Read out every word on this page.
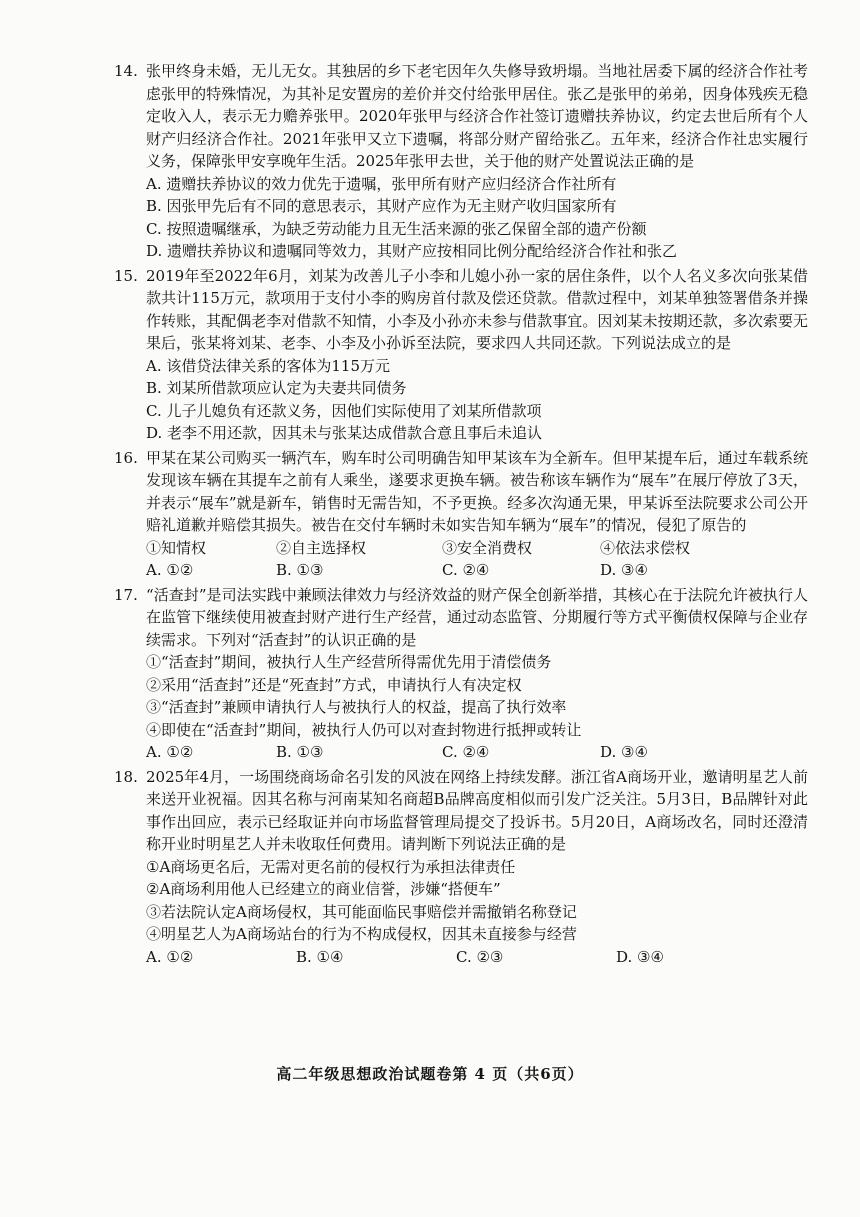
14. 张甲终身未婚，无儿无女。其独居的乡下老宅因年久失修导致坍塌。当地社居委下属的经济合作社考虑张甲的特殊情况，为其补足安置房的差价并交付给张甲居住。张乙是张甲的弟弟，因身体残疾无稳定收入人，表示无力赡养张甲。2020年张甲与经济合作社签订遗赠扶养协议，约定去世后所有个人财产归经济合作社。2021年张甲又立下遗嘱，将部分财产留给张乙。五年来，经济合作社忠实履行义务，保障张甲安享晚年生活。2025年张甲去世，关于他的财产处置说法正确的是
A. 遗赠扶养协议的效力优先于遗嘱，张甲所有财产应归经济合作社所有
B. 因张甲先后有不同的意思表示，其财产应作为无主财产收归国家所有
C. 按照遗嘱继承，为缺乏劳动能力且无生活来源的张乙保留全部的遗产份额
D. 遗赠扶养协议和遗嘱同等效力，其财产应按相同比例分配给经济合作社和张乙
15. 2019年至2022年6月，刘某为改善儿子小李和儿媳小孙一家的居住条件，以个人名义多次向张某借款共计115万元，款项用于支付小李的购房首付款及偿还贷款。借款过程中，刘某单独签署借条并操作转账，其配偶老李对借款不知情，小李及小孙亦未参与借款事宜。因刘某未按期还款，多次索要无果后，张某将刘某、老李、小李及小孙诉至法院，要求四人共同还款。下列说法成立的是
A. 该借贷法律关系的客体为115万元
B. 刘某所借款项应认定为夫妻共同债务
C. 儿子儿媳负有还款义务，因他们实际使用了刘某所借款项
D. 老李不用还款，因其未与张某达成借款合意且事后未追认
16. 甲某在某公司购买一辆汽车，购车时公司明确告知甲某该车为全新车。但甲某提车后，通过车载系统发现该车辆在其提车之前有人乘坐，遂要求更换车辆。被告称该车辆作为“展车”在展厅停放了3天，并表示“展车”就是新车，销售时无需告知，不予更换。经多次沟通无果，甲某诉至法院要求公司公开赔礼道歉并赔偿其损失。被告在交付车辆时未如实告知车辆为“展车”的情况，侵犯了原告的
①知情权	②自主选择权	③安全消费权	④依法求偿权
A. ①②	B. ①③	C. ②④	D. ③④
17. “活查封”是司法实践中兼顾法律效力与经济效益的财产保全创新举措，其核心在于法院允许被执行人在监管下继续使用被查封财产进行生产经营，通过动态监管、分期履行等方式平衡债权保障与企业存续需求。下列对“活查封”的认识正确的是
①“活查封”期间，被执行人生产经营所得需优先用于清偿债务
②采用“活查封”还是“死查封”方式，申请执行人有决定权
③“活查封”兼顾申请执行人与被执行人的权益，提高了执行效率
④即使在“活查封”期间，被执行人仍可以对查封物进行抵押或转让
A. ①②	B. ①③	C. ②④	D. ③④
18. 2025年4月，一场围绕商场命名引发的风波在网络上持续发酵。浙江省A商场开业，邀请明星艺人前来送开业祝福。因其名称与河南某知名商超B品牌高度相似而引发广泛关注。5月3日，B品牌针对此事作出回应，表示已经取证并向市场监督管理局提交了投诉书。5月20日，A商场改名，同时还澄清称开业时明星艺人并未收取任何费用。请判断下列说法正确的是
①A商场更名后，无需对更名前的侵权行为承担法律责任
②A商场利用他人已经建立的商业信誉，涉嫌“搭便车”
③若法院认定A商场侵权，其可能面临民事赔偿并需撤销名称登记
④明星艺人为A商场站台的行为不构成侵权，因其未直接参与经营
A. ①②	B. ①④	C. ②③	D. ③④
高二年级思想政治试题卷第 4 页（共6页）
